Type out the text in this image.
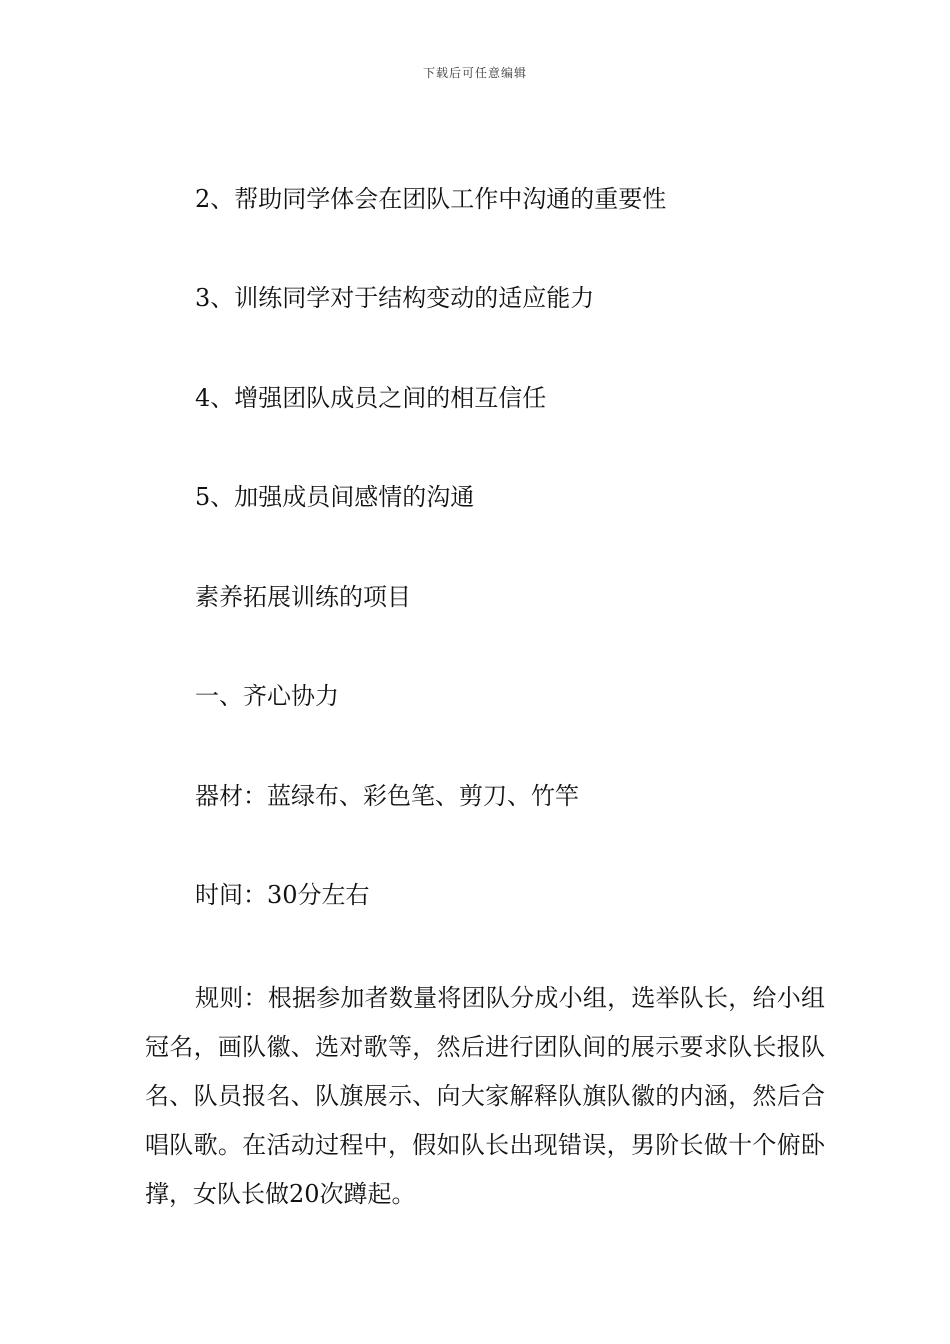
下载后可任意编辑
2、帮助同学体会在团队工作中沟通的重要性
3、训练同学对于结构变动的适应能力
4、增强团队成员之间的相互信任
5、加强成员间感情的沟通
素养拓展训练的项目
一、齐心协力
器材：蓝绿布、彩色笔、剪刀、竹竿
时间：30分左右
规则：根据参加者数量将团队分成小组，选举队长，给小组冠名，画队徽、选对歌等，然后进行团队间的展示要求队长报队名、队员报名、队旗展示、向大家解释队旗队徽的内涵，然后合唱队歌。在活动过程中，假如队长出现错误，男阶长做十个俯卧撑，女队长做20次蹲起。
